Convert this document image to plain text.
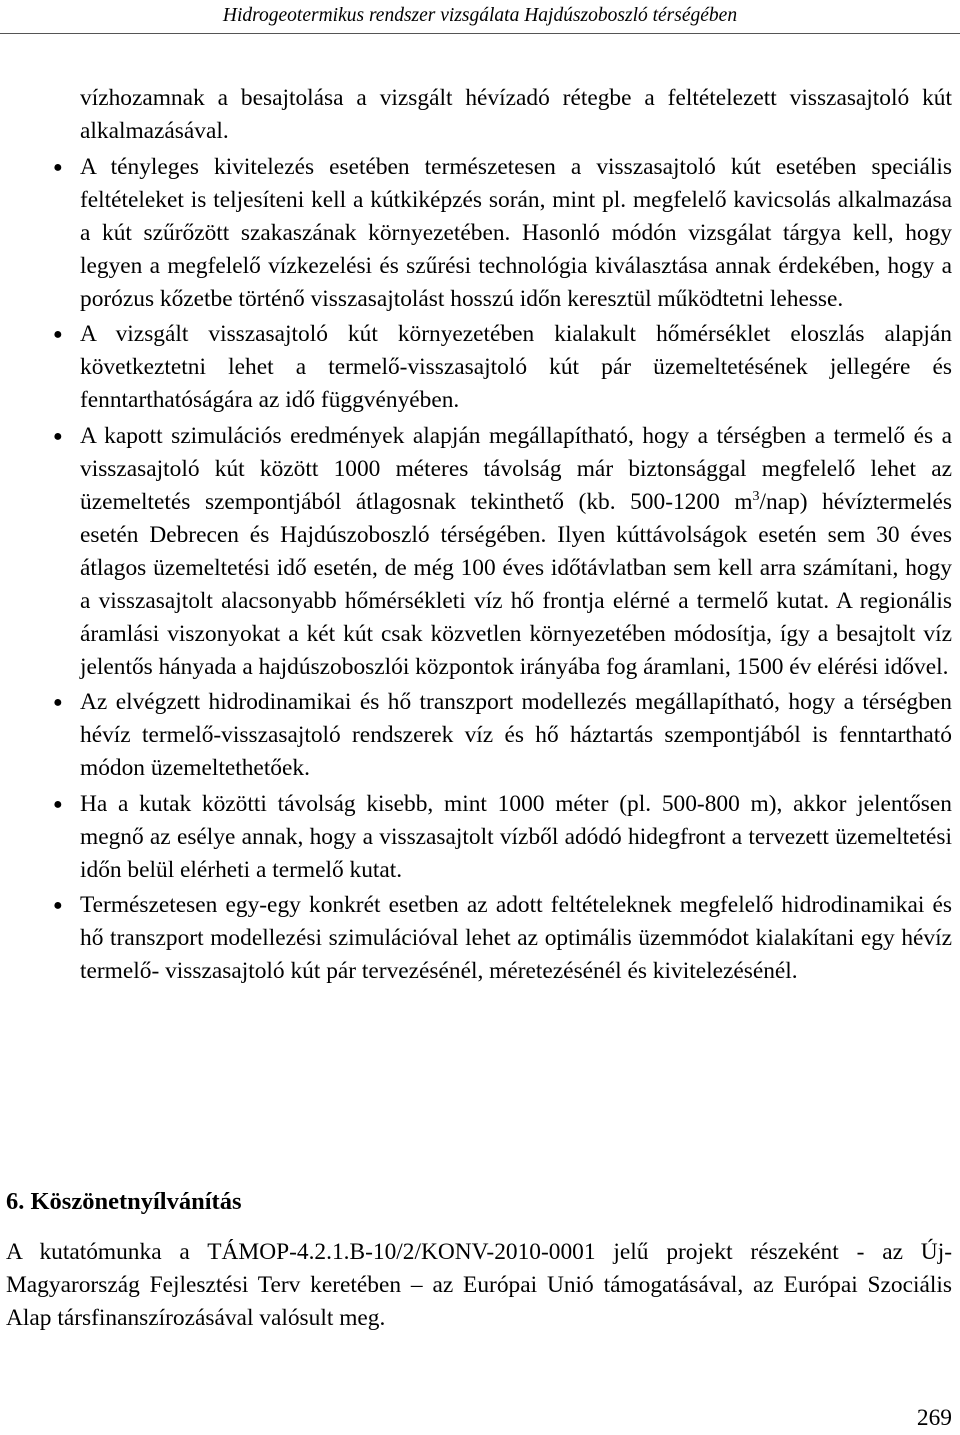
Hidrogeotermikus rendszer vizsgálata Hajdúszoboszló térségében
vízhozamnak a besajtolása a vizsgált hévízadó rétegbe a feltételezett visszasajtoló kút alkalmazásával.
● A tényleges kivitelezés esetében természetesen a visszasajtoló kút esetében speciális feltételeket is teljesíteni kell a kútkiképzés során, mint pl. megfelelő kavicsolás alkalmazása a kút szűrőzött szakaszának környezetében. Hasonló módón vizsgálat tárgya kell, hogy legyen a megfelelő vízkezelési és szűrési technológia kiválasztása annak érdekében, hogy a porózus kőzetbe történő visszasajtolást hosszú időn keresztül működtetni lehesse.
● A vizsgált visszasajtoló kút környezetében kialakult hőmérséklet eloszlás alapján következtetni lehet a termelő-visszasajtoló kút pár üzemeltetésének jellegére és fenntarthatóságára az idő függvényében.
● A kapott szimulációs eredmények alapján megállapítható, hogy a térségben a termelő és a visszasajtoló kút között 1000 méteres távolság már biztonsággal megfelelő lehet az üzemeltetés szempontjából átlagosnak tekinthető (kb. 500-1200 $m^3/nap$) hévíztermelés esetén Debrecen és Hajdúszoboszló térségében. Ilyen kúttávolságok esetén sem 30 éves átlagos üzemeltetési idő esetén, de még 100 éves időtávlatban sem kell arra számítani, hogy a visszasajtolt alacsonyabb hőmérsékleti víz hő frontja elérné a termelő kutat. A regionális áramlási viszonyokat a két kút csak közvetlen környezetében módosítja, így a besajtolt víz jelentős hányada a hajdúszoboszlói központok irányába fog áramlani, 1500 év elérési idővel.
● Az elvégzett hidrodinamikai és hő transzport modellezés megállapítható, hogy a térségben hévíz termelő-visszasajtoló rendszerek víz és hő háztartás szempontjából is fenntartható módon üzemeltethetőek.
● Ha a kutak közötti távolság kisebb, mint 1000 méter (pl. 500-800 m), akkor jelentősen megnő az esélye annak, hogy a visszasajtolt vízből adódó hidegfront a tervezett üzemeltetési időn belül elérheti a termelő kutat.
● Természetesen egy-egy konkrét esetben az adott feltételeknek megfelelő hidrodinamikai és hő transzport modellezési szimulációval lehet az optimális üzemmódot kialakítani egy hévíz termelő- visszasajtoló kút pár tervezésénél, méretezésénél és kivitelezésénél.
6. Köszönetnyílvánítás
A kutatómunka a TÁMOP-4.2.1.B-10/2/KONV-2010-0001 jelű projekt részeként - az Új-Magyarország Fejlesztési Terv keretében – az Európai Unió támogatásával, az Európai Szociális Alap társfinanszírozásával valósult meg.
269
